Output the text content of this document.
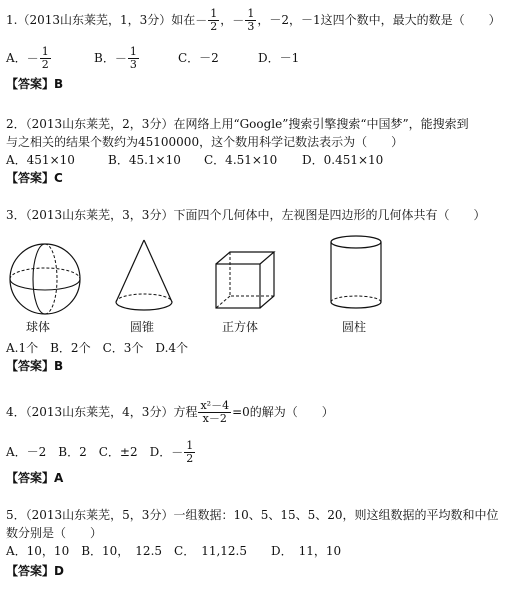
1.（2013山东莱芜，1，3分）如在－ $\frac{1}{2}$ ，－ $\frac{1}{3}$ ，－2，－1这四个数中，最大的数是（　　）
A．－ $\frac{1}{2}$	B．－ $\frac{1}{3}$	C．－2	D．－1
【答案】B
2．（2013山东莱芜，2，3分）在网络上用“Google”搜索引擎搜索“中国梦”，能搜索到
与之相关的结果个数约为45100000，这个数用科学记数法表示为（　　）
A．451×10	B．45.1×10 C．4.51×10 D．0.451×10
【答案】C
3．（2013山东莱芜，3，3分）下面四个几何体中，左视图是四边形的几何体共有（　　）
球体	圆锥	正方体	圆柱
A.1个　B．2个　C．3个　D.4个
【答案】B
4．（2013山东莱芜，4，3分）方程 $\frac{\text{x²－4}}{x-2} =0$的解为（　　）
A．－2　B．2　C．±2　D．－ $\frac{1}{2}$
【答案】A
5．（2013山东莱芜，5，3分）一组数据：10、5、15、5、20，则这组数据的平均数和中位
数分别是（　　）
A．10，10　B．10，　12.5　C．　11,12.5　　D．　11，10
【答案】D
